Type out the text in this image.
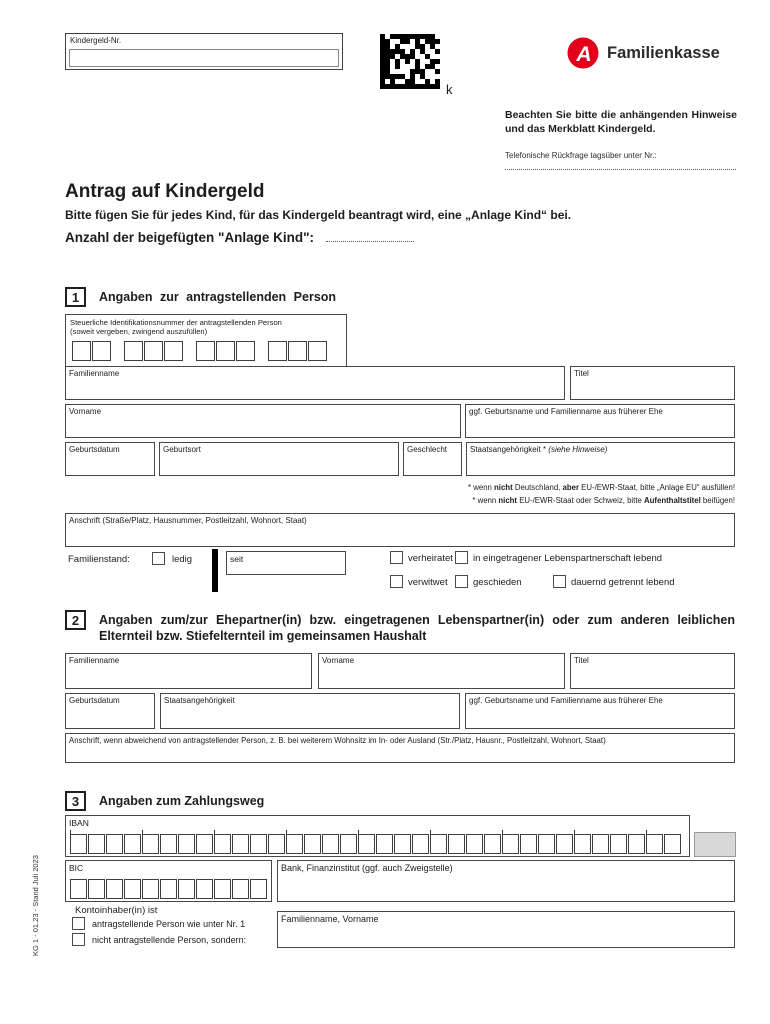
Kindergeld-Nr.
k
A Familienkasse
Beachten Sie bitte die anhängenden Hinweise und das Merkblatt Kindergeld.
Telefonische Rückfrage tagsüber unter Nr.:
Antrag auf Kindergeld
Bitte fügen Sie für jedes Kind, für das Kindergeld beantragt wird, eine „Anlage Kind“ bei.
Anzahl der beigefügten "Anlage Kind":
1	Angaben zur antragstellenden Person
Steuerliche Identifikationsnummer der antragstellenden Person
(soweit vergeben, zwingend auszufüllen)
Familienname	Titel
Vorname	ggf. Geburtsname und Familienname aus früherer Ehe
Geburtsdatum	Geburtsort	Geschlecht	Staatsangehörigkeit * (siehe Hinweise)
* wenn nicht Deutschland, aber EU-/EWR-Staat, bitte „Anlage EU“ ausfüllen!
* wenn nicht EU-/EWR-Staat oder Schweiz, bitte Aufenthaltstitel beifügen!
Anschrift (Straße/Platz, Hausnummer, Postleitzahl, Wohnort, Staat)
Familienstand:	ledig	seit	verheiratet in eingetragener Lebenspartnerschaft lebend
verwitwet	geschieden	dauernd getrennt lebend
2	Angaben zum/zur Ehepartner(in) bzw. eingetragenen Lebenspartner(in) oder zum anderen leiblichen Elternteil bzw. Stiefelternteil im gemeinsamen Haushalt
Familienname	Vorname	Titel
Geburtsdatum	Staatsangehörigkeit	ggf. Geburtsname und Familienname aus früherer Ehe
Anschrift, wenn abweichend von antragstellender Person, z. B. bei weiterem Wohnsitz im In- oder Ausland (Str./Platz, Hausnr., Postleitzahl, Wohnort, Staat)
3	Angaben zum Zahlungsweg
IBAN
BIC	Bank, Finanzinstitut (ggf. auch Zweigstelle)
Kontoinhaber(in) ist
antragstellende Person wie unter Nr. 1
nicht antragstellende Person, sondern:
Familienname, Vorname
KG 1 - 01.23 - Stand Juli 2023
